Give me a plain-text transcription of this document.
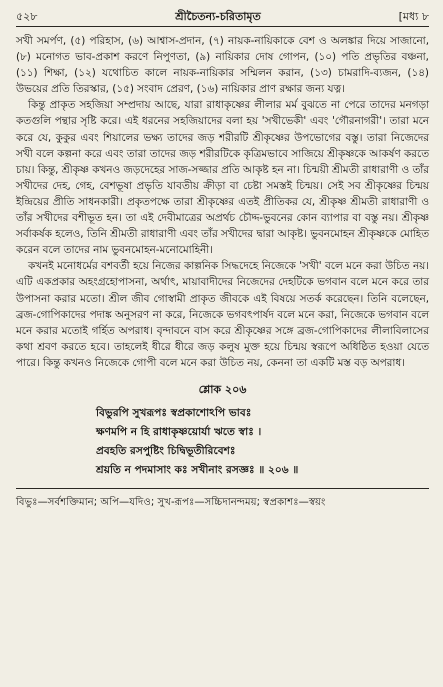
৫২৮	শ্রীচৈতন্য-চরিতামৃত	[মধ্য ৮

সখী সমর্পণ, (৫) পরিহাস, (৬) আশ্বাস-প্রদান, (৭) নায়ক-নায়িকাকে বেশ ও অলঙ্কার দিয়ে সাজানো, (৮) মনোগত ভাব-প্রকাশ করণে নিপুণতা, (৯) নায়িকার দোষ গোপন, (১০) পতি প্রভৃতির বঞ্চনা, (১১) শিক্ষা, (১২) যথোচিত কালে নায়ক-নায়িকার সম্মিলন করান, (১৩) চামরাদি-ব্যজন, (১৪) উভয়ের প্রতি তিরস্কার, (১৫) সংবাদ প্রেরণ, (১৬) নায়িকার প্রাণ রক্ষার জন্য যত্ন।

কিন্তু প্রাকৃত সহজিয়া সম্প্রদায় আছে, যারা রাধাকৃষ্ণের লীলার মর্ম বুঝতে না পেরে তাদের মনগড়া কতগুলি পন্থার সৃষ্টি করে। এই ধরনের সহজিয়াদের বলা হয় 'সখীভেকী' এবং 'গৌরনাগরী'। তারা মনে করে যে, কুকুর এবং শিয়ালের ভক্ষ্য তাদের জড় শরীরটি শ্রীকৃষ্ণের উপভোগের বস্তু। তারা নিজেদের সখী বলে কল্পনা করে এবং তারা তাদের জড় শরীরটিকে কৃত্রিমভাবে সাজিয়ে শ্রীকৃষ্ণকে আকর্ষণ করতে চায়। কিন্তু, শ্রীকৃষ্ণ কখনও জড়দেহের সাজ-সজ্জার প্রতি আকৃষ্ট হন না। চিন্ময়ী শ্রীমতী রাধারাণী ও তাঁর সখীদের দেহ, গেহ, বেশভূষা প্রভৃতি যাবতীয় ক্রীড়া বা চেষ্টা সমস্তই চিন্ময়। সেই সব শ্রীকৃষ্ণের চিন্ময় ইন্দ্রিয়ের প্রীতি সাধনকারী। প্রকৃতপক্ষে তারা শ্রীকৃষ্ণের এতই প্রীতিকর যে, শ্রীকৃষ্ণ শ্রীমতী রাধারাণী ও তাঁর সখীদের বশীভূত হন। তা এই দেবীমাত্রের অপ্রর্থচ চৌদ্দ-ভুবনের কোন ব্যাপার বা বস্তু নয়। শ্রীকৃষ্ণ সর্বাকর্ষক হলেও, তিনি শ্রীমতী রাধারাণী এবং তাঁর সখীদের দ্বারা আকৃষ্ট। ভুবনমোহন শ্রীকৃষ্ণকে মোহিত করেন বলে তাদের নাম ভুবনমোহন-মনোমোহিনী।

কখনই মনোধর্মের বশবর্তী হয়ে নিজের কাল্পনিক সিদ্ধদেহে নিজেকে 'সখী' বলে মনে করা উচিত নয়। এটি একপ্রকার অহংগ্রহোপাসনা, অর্থাৎ, মায়াবাদীদের নিজেদের দেহটিকে ভগবান বলে মনে করে তার উপাসনা করার মতো। শ্রীল জীব গোস্বামী প্রাকৃত জীবকে এই বিষয়ে সতর্ক করেছেন। তিনি বলেছেন, ব্রজ-গোপিকাদের পদাঙ্ক অনুসরণ না করে, নিজেকে ভগবৎপার্ষদ বলে মনে করা, নিজেকে ভগবান বলে মনে করার মতোই গর্হিত অপরাধ। বৃন্দাবনে বাস করে শ্রীকৃষ্ণের সঙ্গে ব্রজ-গোপিকাদের লীলাবিলাসের কথা শ্রবণ করতে হবে। তাহলেই ধীরে ধীরে জড় কলুষ মুক্ত হয়ে চিন্ময় স্বরূপে অধিষ্ঠিত হওয়া যেতে পারে। কিন্তু কখনও নিজেকে গোপী বলে মনে করা উচিত নয়, কেননা তা একটি মস্ত বড় অপরাধ।

শ্লোক ২০৬
বিভুরপি সুখরূপঃ স্বপ্রকাশোঽপি ভাবঃ
ক্ষণমপি ন হি রাধাকৃষ্ণয়োর্যা ঋতে স্বাঃ ।
প্রবহতি রসপুষ্টিং চিদ্বিভূতীরিবেশঃ
শ্রয়তি ন পদমাসাং কঃ সখীনাং রসজ্ঞঃ ॥ ২০৬ ॥
বিভুঃ—সর্বশক্তিমান; অপি—যদিও; সুখ-রূপঃ—সচ্চিদানন্দময়; স্বপ্রকাশঃ—স্বয়ং
